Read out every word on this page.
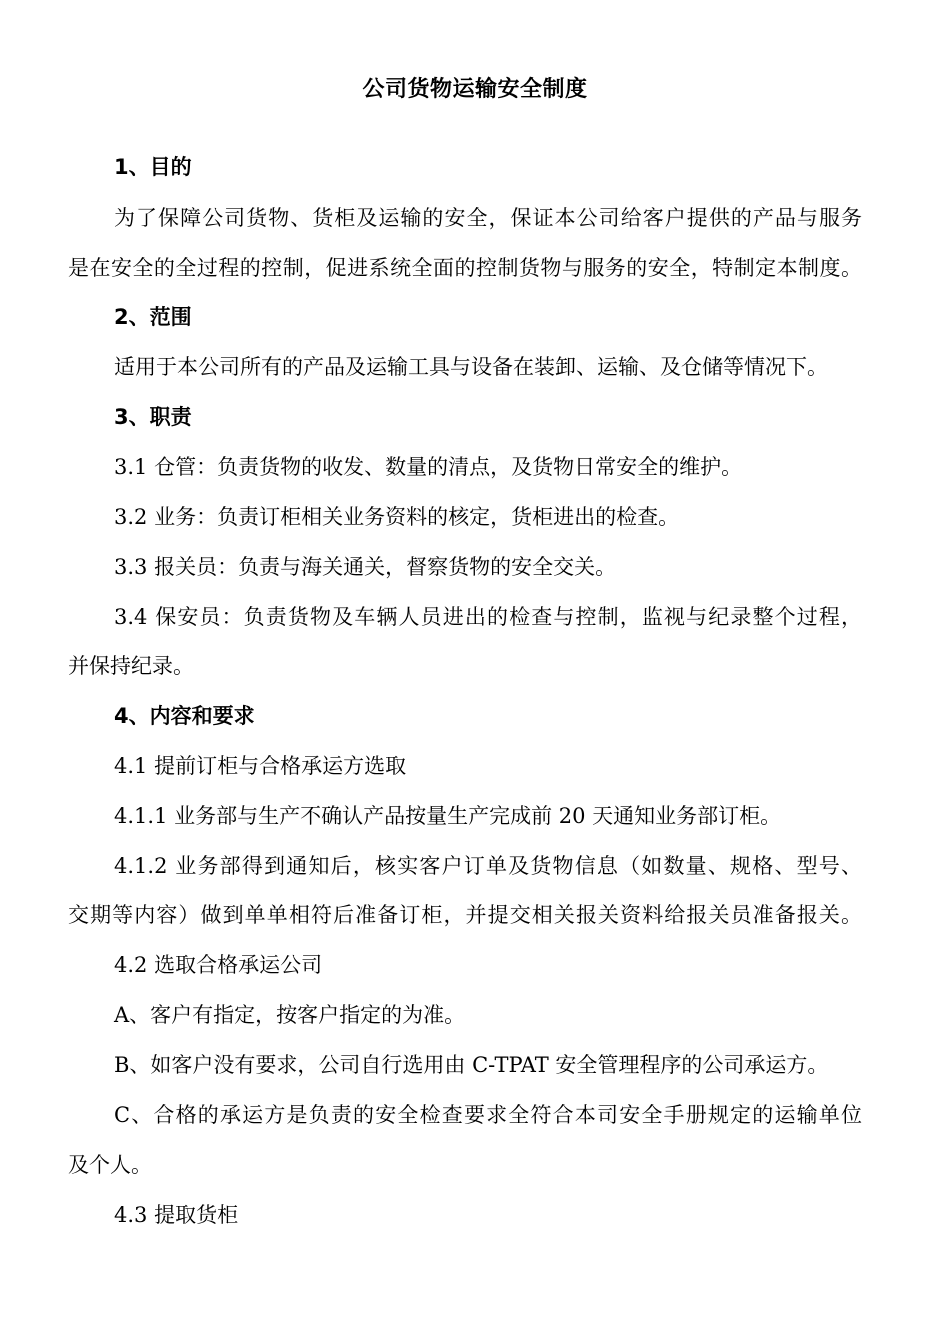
公司货物运输安全制度
1、目的
为了保障公司货物、货柜及运输的安全，保证本公司给客户提供的产品与服务
是在安全的全过程的控制，促进系统全面的控制货物与服务的安全，特制定本制度。
2、范围
适用于本公司所有的产品及运输工具与设备在装卸、运输、及仓储等情况下。
3、职责
3.1 仓管：负责货物的收发、数量的清点，及货物日常安全的维护。
3.2 业务：负责订柜相关业务资料的核定，货柜进出的检查。
3.3 报关员：负责与海关通关，督察货物的安全交关。
3.4 保安员：负责货物及车辆人员进出的检查与控制，监视与纪录整个过程，
并保持纪录。
4、内容和要求
4.1 提前订柜与合格承运方选取
4.1.1 业务部与生产不确认产品按量生产完成前 20 天通知业务部订柜。
4.1.2 业务部得到通知后，核实客户订单及货物信息（如数量、规格、型号、
交期等内容）做到单单相符后准备订柜，并提交相关报关资料给报关员准备报关。
4.2 选取合格承运公司
A、客户有指定，按客户指定的为准。
B、如客户没有要求，公司自行选用由 C-TPAT 安全管理程序的公司承运方。
C、合格的承运方是负责的安全检查要求全符合本司安全手册规定的运输单位
及个人。
4.3 提取货柜
